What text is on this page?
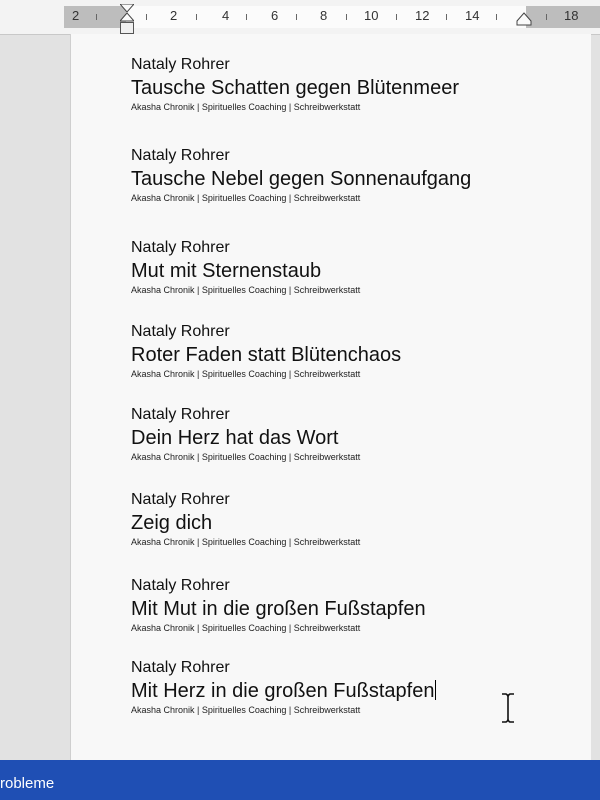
2	2	4	6	8	10	12	14	18
Nataly Rohrer
Tausche Schatten gegen Blütenmeer
Akasha Chronik | Spirituelles Coaching | Schreibwerkstatt
Nataly Rohrer
Tausche Nebel gegen Sonnenaufgang
Akasha Chronik | Spirituelles Coaching | Schreibwerkstatt
Nataly Rohrer
Mut mit Sternenstaub
Akasha Chronik | Spirituelles Coaching | Schreibwerkstatt
Nataly Rohrer
Roter Faden statt Blütenchaos
Akasha Chronik | Spirituelles Coaching | Schreibwerkstatt
Nataly Rohrer
Dein Herz hat das Wort
Akasha Chronik | Spirituelles Coaching | Schreibwerkstatt
Nataly Rohrer
Zeig dich
Akasha Chronik | Spirituelles Coaching | Schreibwerkstatt
Nataly Rohrer
Mit Mut in die großen Fußstapfen
Akasha Chronik | Spirituelles Coaching | Schreibwerkstatt
Nataly Rohrer
Mit Herz in die großen Fußstapfen
Akasha Chronik | Spirituelles Coaching | Schreibwerkstatt
robleme
